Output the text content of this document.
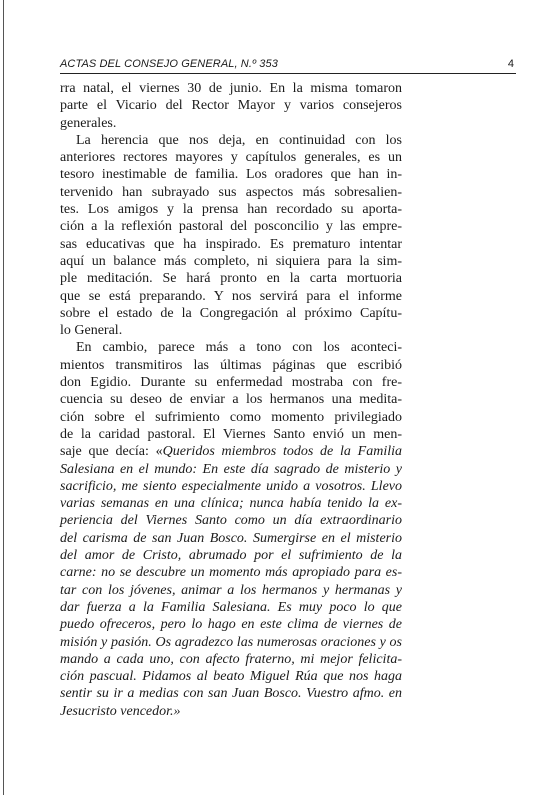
ACTAS DEL CONSEJO GENERAL, N.º 353	4
rra natal, el viernes 30 de junio. En la misma tomaron
parte el Vicario del Rector Mayor y varios consejeros
generales.
La herencia que nos deja, en continuidad con los
anteriores rectores mayores y capítulos generales, es un
tesoro inestimable de familia. Los oradores que han in-
tervenido han subrayado sus aspectos más sobresalien-
tes. Los amigos y la prensa han recordado su aporta-
ción a la reflexión pastoral del posconcilio y las empre-
sas educativas que ha inspirado. Es prematuro intentar
aquí un balance más completo, ni siquiera para la sim-
ple meditación. Se hará pronto en la carta mortuoria
que se está preparando. Y nos servirá para el informe
sobre el estado de la Congregación al próximo Capítu-
lo General.
En cambio, parece más a tono con los aconteci-
mientos transmitiros las últimas páginas que escribió
don Egidio. Durante su enfermedad mostraba con fre-
cuencia su deseo de enviar a los hermanos una medita-
ción sobre el sufrimiento como momento privilegiado
de la caridad pastoral. El Viernes Santo envió un men-
saje que decía: «Queridos miembros todos de la Familia
Salesiana en el mundo: En este día sagrado de misterio y
sacrificio, me siento especialmente unido a vosotros. Llevo
varias semanas en una clínica; nunca había tenido la ex-
periencia del Viernes Santo como un día extraordinario
del carisma de san Juan Bosco. Sumergirse en el misterio
del amor de Cristo, abrumado por el sufrimiento de la
carne: no se descubre un momento más apropiado para es-
tar con los jóvenes, animar a los hermanos y hermanas y
dar fuerza a la Familia Salesiana. Es muy poco lo que
puedo ofreceros, pero lo hago en este clima de viernes de
misión y pasión. Os agradezco las numerosas oraciones y os
mando a cada uno, con afecto fraterno, mi mejor felicita-
ción pascual. Pidamos al beato Miguel Rúa que nos haga
sentir su ir a medias con san Juan Bosco. Vuestro afmo. en
Jesucristo vencedor.»
